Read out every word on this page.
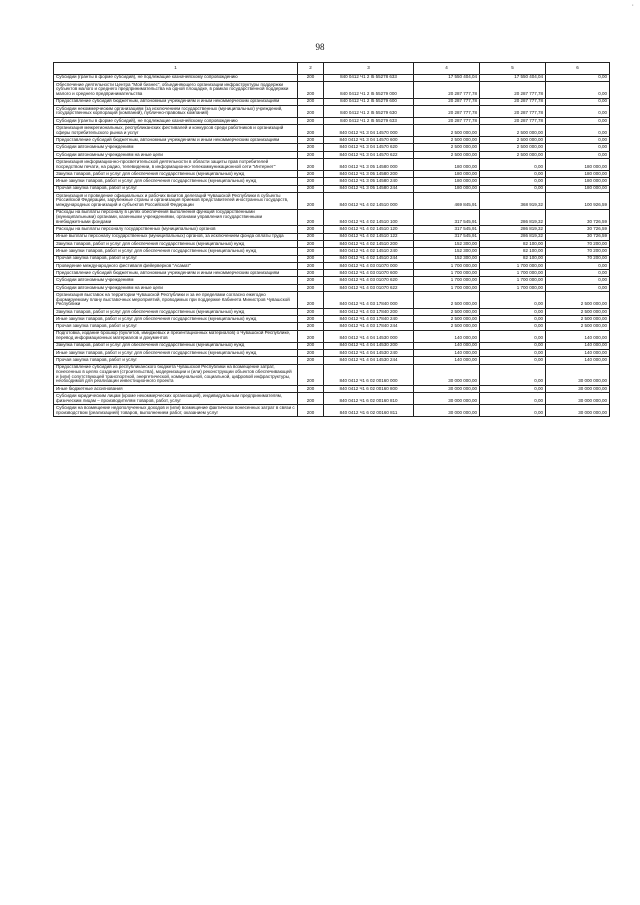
·
98
1	2	3	4	5	6
Субсидии (гранты в форме субсидий), не подлежащие казначейскому сопровождению	200	840 0412 Ч1 2 I5 55278 633	17 550 404,04	17 550 404,04	0,00
Обеспечение деятельности Центра "Мой бизнес", объединяющего организации инфраструктуры поддержки субъектов малого и среднего предпринимательства на одной площадке, в рамках государственной поддержки малого и среднего предпринимательства	200	840 0412 Ч1 2 I5 55279 000	20 287 777,78	20 287 777,78	0,00
Предоставление субсидий бюджетным, автономным учреждениям и иным некоммерческим организациям	200	840 0412 Ч1 2 I5 55279 600	20 287 777,78	20 287 777,78	0,00
Субсидии некоммерческим организациям (за исключением государственных (муниципальных) учреждений, государственных корпораций (компаний), публично-правовых компаний)	200	840 0412 Ч1 2 I5 55279 630	20 287 777,78	20 287 777,78	0,00
Субсидии (гранты в форме субсидий), не подлежащие казначейскому сопровождению	200	840 0412 Ч1 2 I5 55279 633	20 287 777,78	20 287 777,78	0,00
Организация межрегиональных, республиканских фестивалей и конкурсов среди работников и организаций сферы потребительского рынка и услуг	200	840 0412 Ч1 3 04 14570 000	2 500 000,00	2 500 000,00	0,00
Предоставление субсидий бюджетным, автономным учреждениям и иным некоммерческим организациям	200	840 0412 Ч1 3 04 14570 600	2 500 000,00	2 500 000,00	0,00
Субсидии автономным учреждениям	200	840 0412 Ч1 3 04 14570 620	2 500 000,00	2 500 000,00	0,00
Субсидии автономным учреждениям на иные цели	200	840 0412 Ч1 3 04 14570 622	2 500 000,00	2 500 000,00	0,00
Организация информационно-просветительской деятельности в области защиты прав потребителей посредством печати, на радио, телевидении, в информационно-телекоммуникационной сети "Интернет"	200	840 0412 Ч1 3 05 14580 000	180 000,00	0,00	180 000,00
Закупка товаров, работ и услуг для обеспечения государственных (муниципальных) нужд	200	840 0412 Ч1 3 05 14580 200	180 000,00	0,00	180 000,00
Иные закупки товаров, работ и услуг для обеспечения государственных (муниципальных) нужд	200	840 0412 Ч1 3 05 14580 240	180 000,00	0,00	180 000,00
Прочая закупка товаров, работ и услуг	200	840 0412 Ч1 3 05 14580 244	180 000,00	0,00	180 000,00
Организация и проведение официальных и рабочих визитов делегаций Чувашской Республики в субъекты Российской Федерации, зарубежные страны и организация приемов представителей иностранных государств, международных организаций и субъектов Российской Федерации	200	840 0412 Ч1 4 02 14510 000	469 845,91	368 919,32	100 926,59
Расходы на выплаты персоналу в целях обеспечения выполнения функций государственными (муниципальными) органами, казенными учреждениями, органами управления государственными внебюджетными фондами	200	840 0412 Ч1 4 02 14510 100	317 545,91	286 819,32	30 726,59
Расходы на выплаты персоналу государственных (муниципальных) органов	200	840 0412 Ч1 4 02 14510 120	317 545,91	286 819,32	30 726,59
Иные выплаты персоналу государственных (муниципальных) органов, за исключением фонда оплаты труда	200	840 0412 Ч1 4 02 14510 122	317 545,91	286 819,32	30 726,59
Закупка товаров, работ и услуг для обеспечения государственных (муниципальных) нужд	200	840 0412 Ч1 4 02 14510 200	152 300,00	82 100,00	70 200,00
Иные закупки товаров, работ и услуг для обеспечения государственных (муниципальных) нужд	200	840 0412 Ч1 4 02 14510 240	152 300,00	82 100,00	70 200,00
Прочая закупка товаров, работ и услуг	200	840 0412 Ч1 4 02 14510 244	152 300,00	82 100,00	70 200,00
Проведение международного фестиваля фейерверков "Асамат"	200	840 0412 Ч1 4 03 01070 000	1 700 000,00	1 700 000,00	0,00
Предоставление субсидий бюджетным, автономным учреждениям и иным некоммерческим организациям	200	840 0412 Ч1 4 03 01070 600	1 700 000,00	1 700 000,00	0,00
Субсидии автономным учреждениям	200	840 0412 Ч1 4 03 01070 620	1 700 000,00	1 700 000,00	0,00
Субсидии автономным учреждениям на иные цели	200	840 0412 Ч1 4 03 01070 622	1 700 000,00	1 700 000,00	0,00
Организация выставок на территории Чувашской Республики и за ее пределами согласно ежегодно формируемому плану выставочных мероприятий, проводимых при поддержке Кабинета Министров Чувашской Республики	200	840 0412 Ч1 4 03 17840 000	2 500 000,00	0,00	2 500 000,00
Закупка товаров, работ и услуг для обеспечения государственных (муниципальных) нужд	200	840 0412 Ч1 4 03 17840 200	2 500 000,00	0,00	2 500 000,00
Иные закупки товаров, работ и услуг для обеспечения государственных (муниципальных) нужд	200	840 0412 Ч1 4 03 17840 240	2 500 000,00	0,00	2 500 000,00
Прочая закупка товаров, работ и услуг	200	840 0412 Ч1 4 03 17840 244	2 500 000,00	0,00	2 500 000,00
Подготовка, издание брошюр (буклетов, имиджевых и презентационных материалов) о Чувашской Республике, перевод информационных материалов и документов	200	840 0412 Ч1 4 04 14530 000	140 000,00	0,00	140 000,00
Закупка товаров, работ и услуг для обеспечения государственных (муниципальных) нужд	200	840 0412 Ч1 4 04 14530 200	140 000,00	0,00	140 000,00
Иные закупки товаров, работ и услуг для обеспечения государственных (муниципальных) нужд	200	840 0412 Ч1 4 04 14530 240	140 000,00	0,00	140 000,00
Прочая закупка товаров, работ и услуг	200	840 0412 Ч1 4 04 14530 244	140 000,00	0,00	140 000,00
Предоставление субсидий из республиканского бюджета Чувашской Республики на возмещение затрат, понесенных в целях создания (строительства), модернизации и (или) реконструкции объектов обеспечивающей и (или) сопутствующей транспортной, энергетической, коммунальной, социальной, цифровой инфраструктуры, необходимой для реализации инвестиционного проекта	200	840 0412 Ч1 6 02 00160 000	30 000 000,00	0,00	30 000 000,00
Иные бюджетные ассигнования	200	840 0412 Ч1 6 02 00160 800	30 000 000,00	0,00	30 000 000,00
Субсидии юридическим лицам (кроме некоммерческих организаций), индивидуальным предпринимателям, физическим лицам – производителям товаров, работ, услуг	200	840 0412 Ч1 6 02 00160 810	30 000 000,00	0,00	30 000 000,00
Субсидии на возмещение недополученных доходов и (или) возмещение фактически понесенных затрат в связи с производством (реализацией) товаров, выполнением работ, оказанием услуг	200	840 0412 Ч1 6 02 00160 811	30 000 000,00	0,00	30 000 000,00
